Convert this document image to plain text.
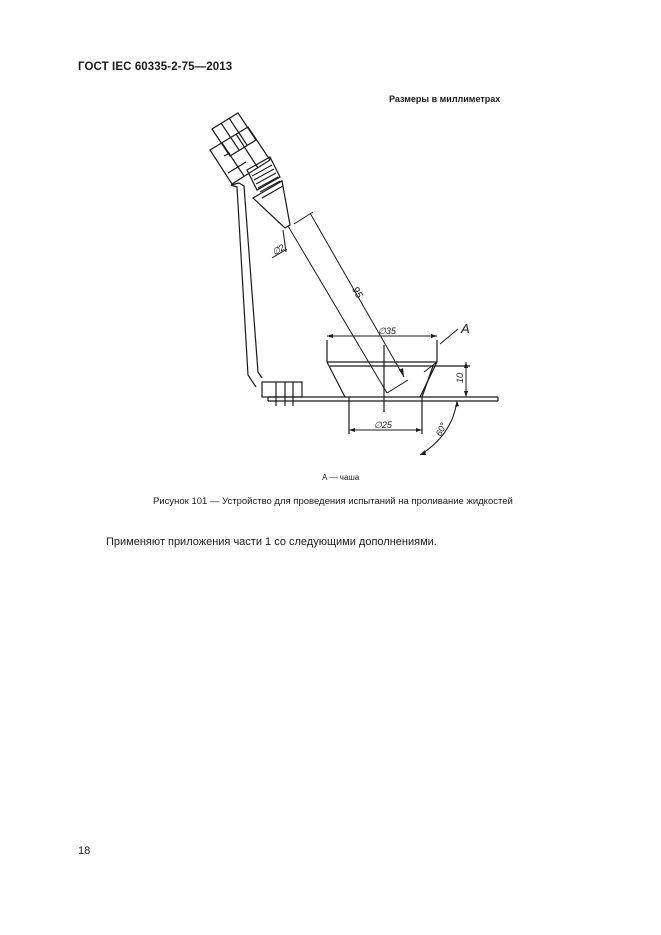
ГОСТ IEC 60335-2-75—2013
Размеры в миллиметрах
∅2
95
∅35
10
∅25	60°
A
А — чаша
Рисунок 101 — Устройство для проведения испытаний на проливание жидкостей
Применяют приложения части 1 со следующими дополнениями.
18
